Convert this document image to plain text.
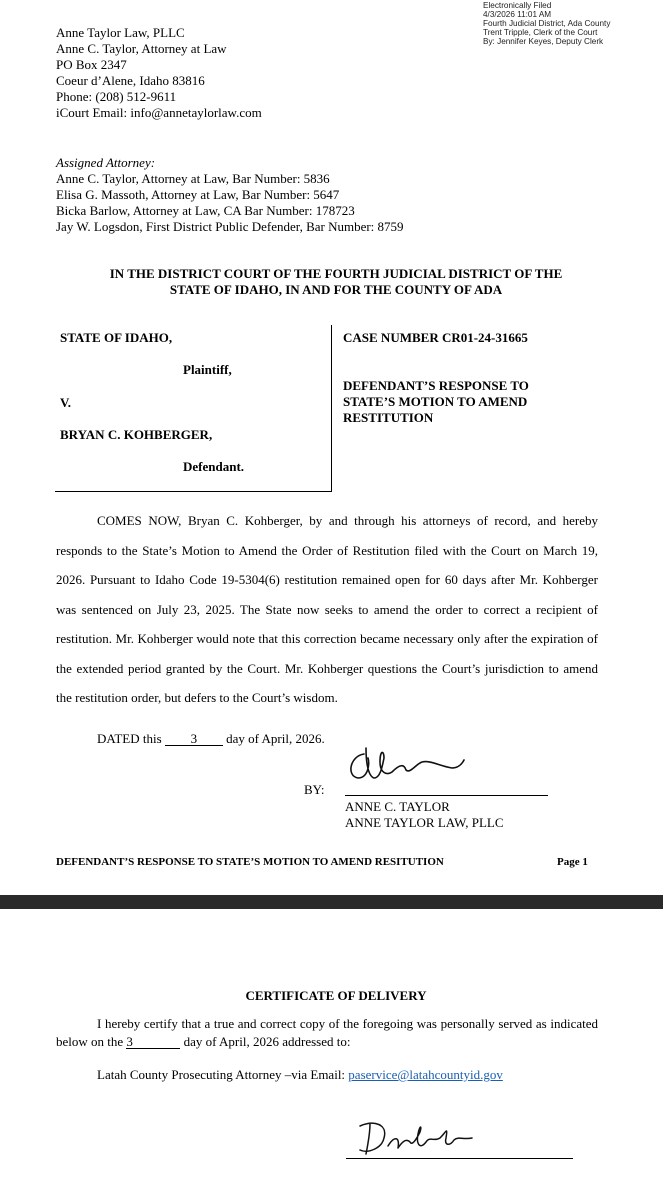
Electronically Filed
4/3/2026 11:01 AM
Fourth Judicial District, Ada County
Trent Tripple, Clerk of the Court
By: Jennifer Keyes, Deputy Clerk
Anne Taylor Law, PLLC
Anne C. Taylor, Attorney at Law
PO Box 2347
Coeur d’Alene, Idaho 83816
Phone: (208) 512-9611
iCourt Email: info@annetaylorlaw.com
Assigned Attorney:
Anne C. Taylor, Attorney at Law, Bar Number: 5836
Elisa G. Massoth, Attorney at Law, Bar Number: 5647
Bicka Barlow, Attorney at Law, CA Bar Number: 178723
Jay W. Logsdon, First District Public Defender, Bar Number: 8759
IN THE DISTRICT COURT OF THE FOURTH JUDICIAL DISTRICT OF THE
STATE OF IDAHO, IN AND FOR THE COUNTY OF ADA
STATE OF IDAHO,
Plaintiff,
V.
BRYAN C. KOHBERGER,
Defendant.
CASE NUMBER CR01-24-31665
DEFENDANT’S RESPONSE TO
STATE’S MOTION TO AMEND
RESTITUTION

COMES NOW, Bryan C. Kohberger, by and through his attorneys of record, and hereby responds to the State’s Motion to Amend the Order of Restitution filed with the Court on March 19, 2026. Pursuant to Idaho Code 19-5304(6) restitution remained open for 60 days after Mr. Kohberger was sentenced on July 23, 2025. The State now seeks to amend the order to correct a recipient of restitution. Mr. Kohberger would note that this correction became necessary only after the expiration of the extended period granted by the Court. Mr. Kohberger questions the Court’s jurisdiction to amend the restitution order, but defers to the Court’s wisdom.

DATED this 3 day of April, 2026.
BY:
ANNE C. TAYLOR
ANNE TAYLOR LAW, PLLC
DEFENDANT’S RESPONSE TO STATE’S MOTION TO AMEND RESITUTION	Page 1
CERTIFICATE OF DELIVERY

I hereby certify that a true and correct copy of the foregoing was personally served as indicated below on the 3	day of April, 2026 addressed to:

Latah County Prosecuting Attorney –via Email: paservice@latahcountyid.gov
